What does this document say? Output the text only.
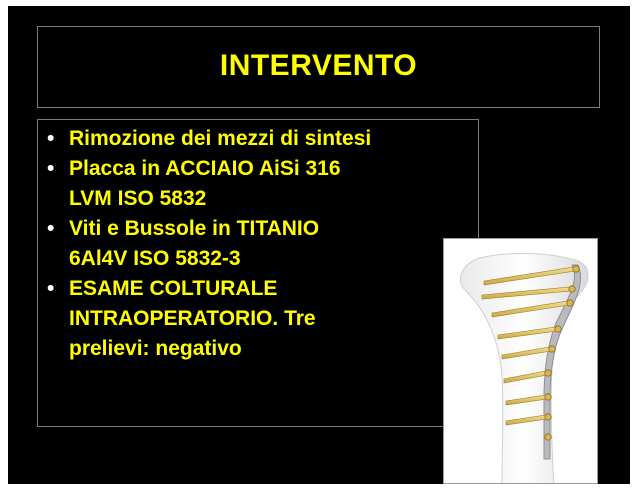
INTERVENTO
• Rimozione dei mezzi di sintesi
• Placca in ACCIAIO AiSi 316
LVM ISO 5832
• Viti e Bussole in TITANIO
6Al4V ISO 5832-3
• ESAME COLTURALE
INTRAOPERATORIO. Tre
prelievi: negativo
